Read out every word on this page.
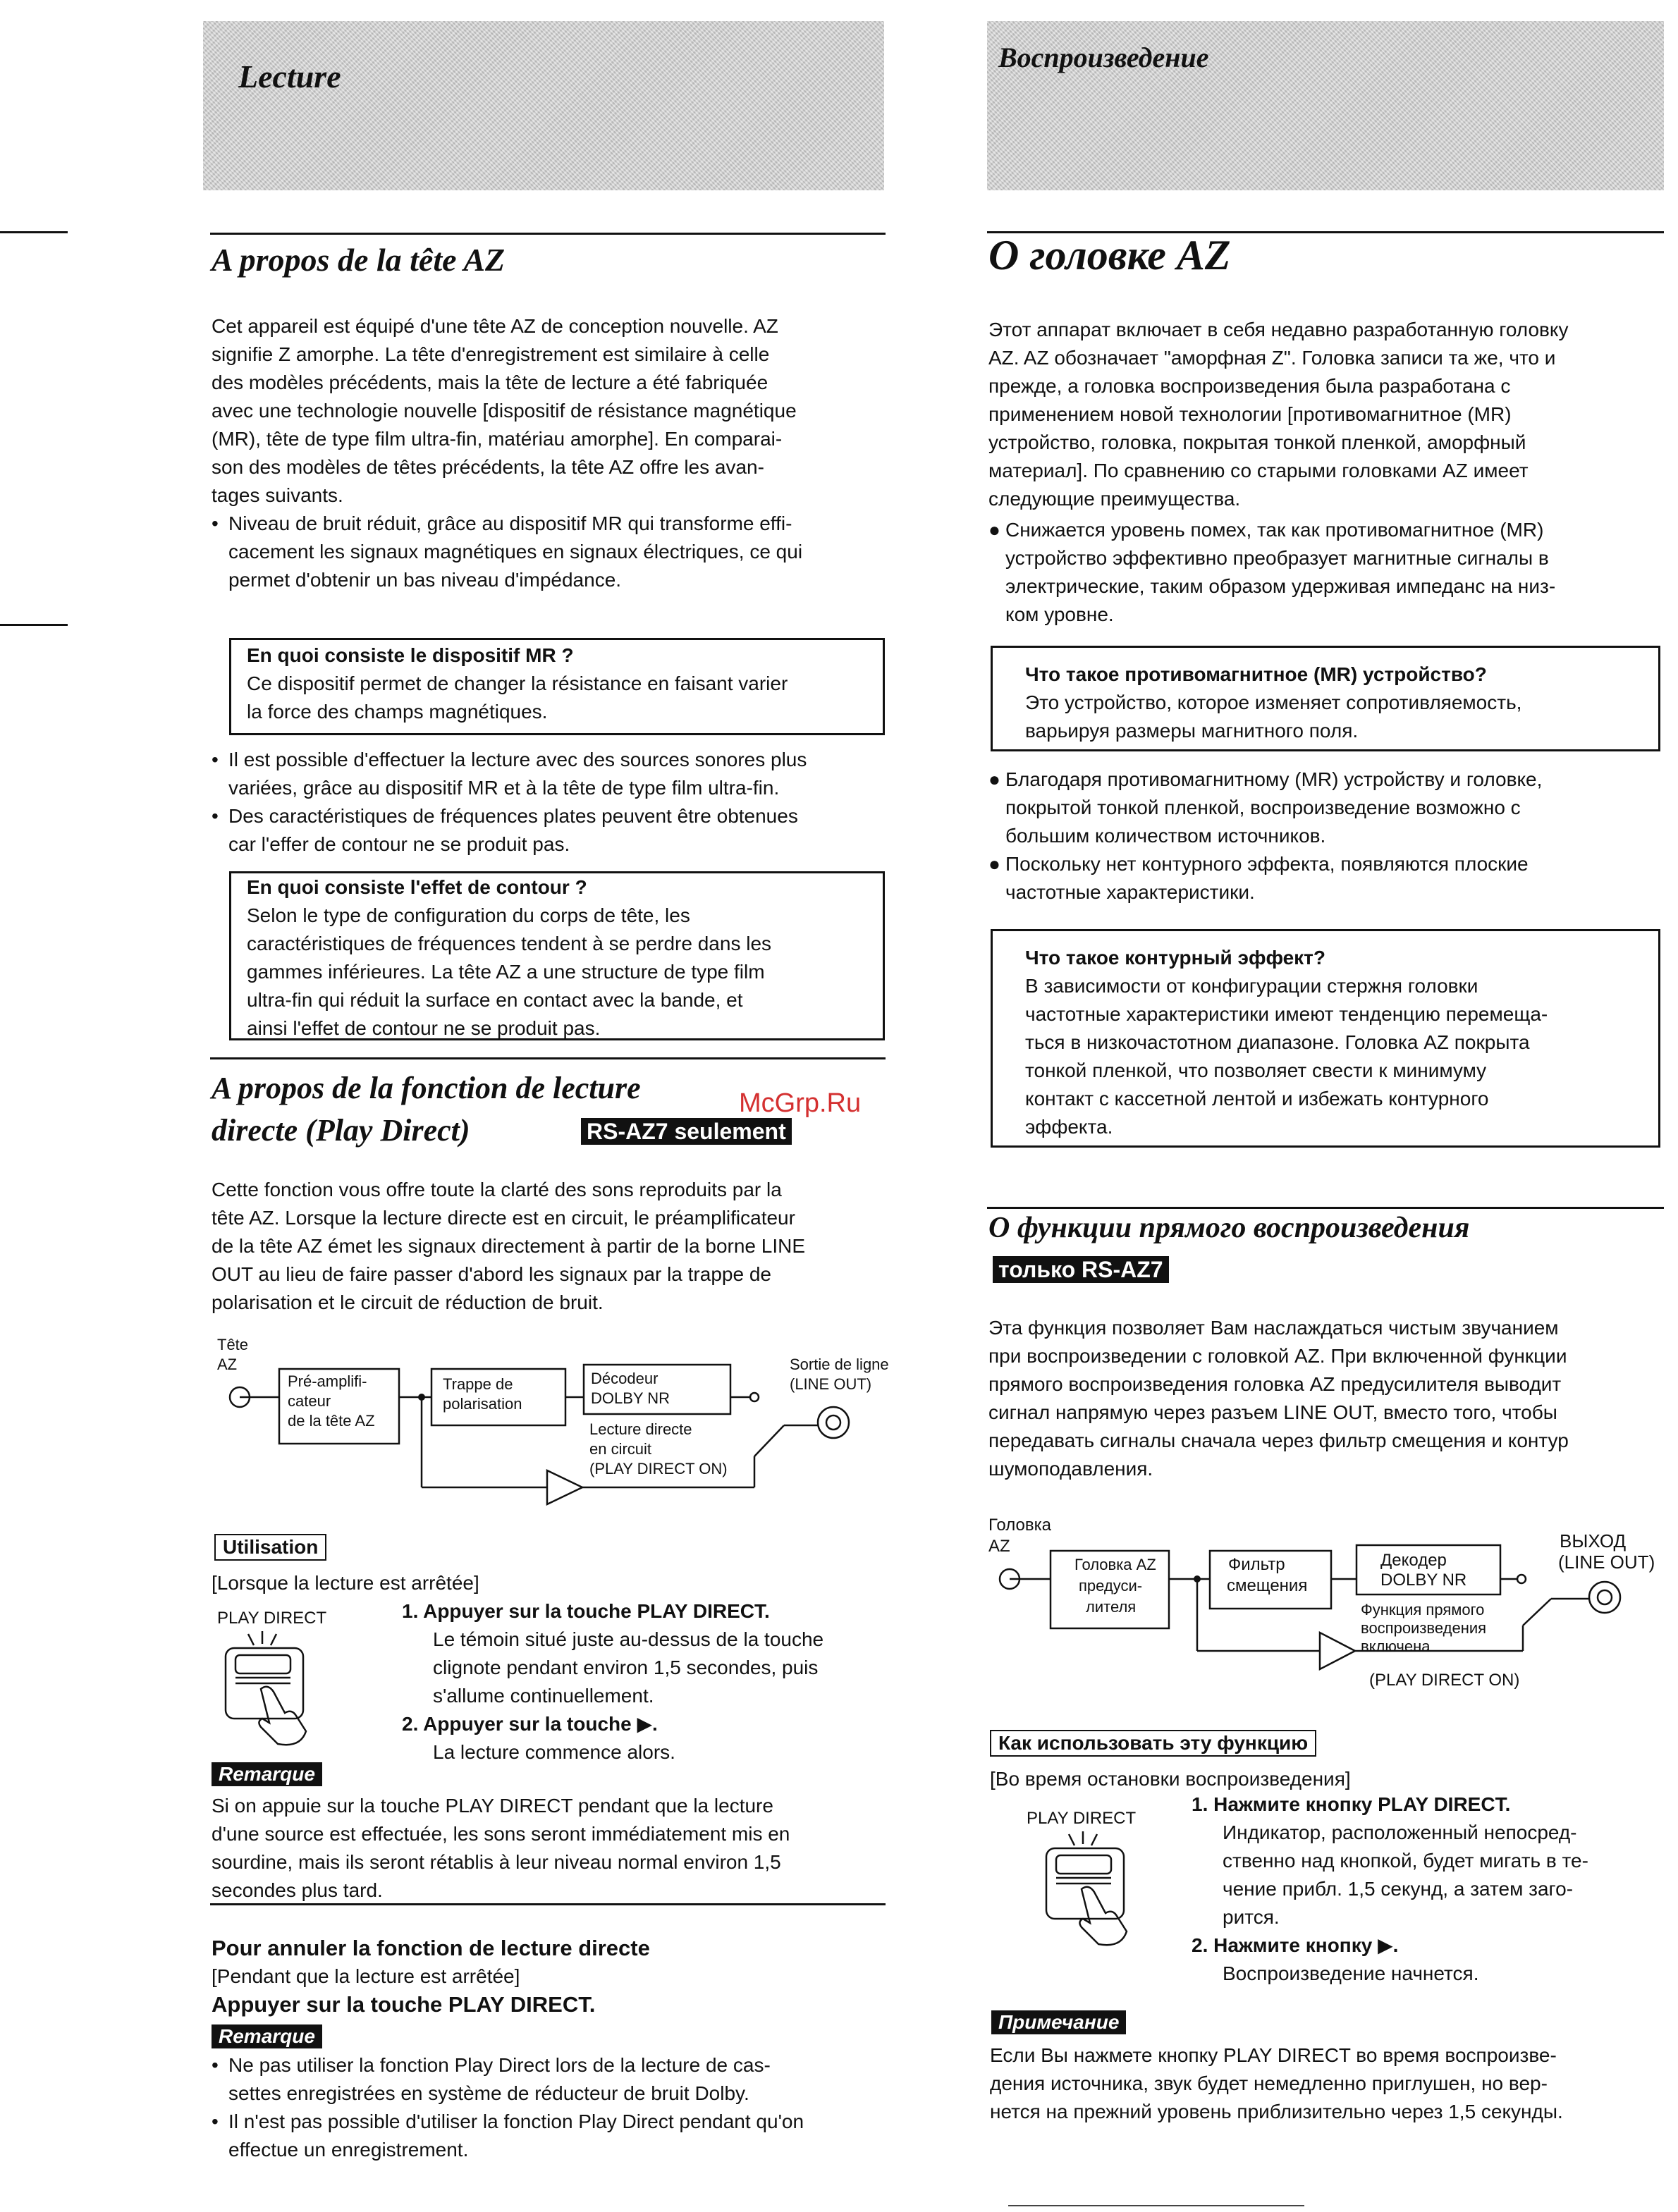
Lecture
A propos de la tête AZ
Cet appareil est équipé d'une tête AZ de conception nouvelle. AZ
signifie Z amorphe. La tête d'enregistrement est similaire à celle
des modèles précédents, mais la tête de lecture a été fabriquée
avec une technologie nouvelle [dispositif de résistance magnétique
(MR), tête de type film ultra-fin, matériau amorphe]. En comparai-
son des modèles de têtes précédents, la tête AZ offre les avan-
tages suivants.
• Niveau de bruit réduit, grâce au dispositif MR qui transforme effi-
cacement les signaux magnétiques en signaux électriques, ce qui
permet d'obtenir un bas niveau d'impédance.
En quoi consiste le dispositif MR ?
Ce dispositif permet de changer la résistance en faisant varier
la force des champs magnétiques.
• Il est possible d'effectuer la lecture avec des sources sonores plus
variées, grâce au dispositif MR et à la tête de type film ultra-fin.
• Des caractéristiques de fréquences plates peuvent être obtenues
car l'effer de contour ne se produit pas.
En quoi consiste l'effet de contour ?
Selon le type de configuration du corps de tête, les
caractéristiques de fréquences tendent à se perdre dans les
gammes inférieures. La tête AZ a une structure de type film
ultra-fin qui réduit la surface en contact avec la bande, et
ainsi l'effet de contour ne se produit pas.
A propos de la fonction de lecture
directe (Play Direct)	RS-AZ7 seulement
McGrp.Ru
Cette fonction vous offre toute la clarté des sons reproduits par la
tête AZ. Lorsque la lecture directe est en circuit, le préamplificateur
de la tête AZ émet les signaux directement à partir de la borne LINE
OUT au lieu de faire passer d'abord les signaux par la trappe de
polarisation et le circuit de réduction de bruit.
Tête
AZ
Pré-amplifi-
cateur
de la tête AZ
Trappe de
polarisation
Décodeur
DOLBY NR
Sortie de ligne
(LINE OUT)
Lecture directe
en circuit
(PLAY DIRECT ON)
Utilisation
[Lorsque la lecture est arrêtée]
PLAY DIRECT	1. Appuyer sur la touche PLAY DIRECT.
Le témoin situé juste au-dessus de la touche
clignote pendant environ 1,5 secondes, puis
s'allume continuellement.
2. Appuyer sur la touche ▶.
La lecture commence alors.
Remarque
Si on appuie sur la touche PLAY DIRECT pendant que la lecture
d'une source est effectuée, les sons seront immédiatement mis en
sourdine, mais ils seront rétablis à leur niveau normal environ 1,5
secondes plus tard.
Pour annuler la fonction de lecture directe
[Pendant que la lecture est arrêtée]
Appuyer sur la touche PLAY DIRECT.
Remarque
• Ne pas utiliser la fonction Play Direct lors de la lecture de cas-
settes enregistrées en système de réducteur de bruit Dolby.
• Il n'est pas possible d'utiliser la fonction Play Direct pendant qu'on
effectue un enregistrement.
Воспроизведение
О головке AZ
Этот аппарат включает в себя недавно разработанную головку
AZ. AZ обозначает "аморфная Z". Головка записи та же, что и
прежде, а головка воспроизведения была разработана с
применением новой технологии [противомагнитное (MR)
устройство, головка, покрытая тонкой пленкой, аморфный
материал]. По сравнению со старыми головками AZ имеет
следующие преимущества.
● Снижается уровень помех, так как противомагнитное (MR)
устройство эффективно преобразует магнитные сигналы в
электрические, таким образом удерживая импеданс на низ-
ком уровне.
Что такое противомагнитное (MR) устройство?
Это устройство, которое изменяет сопротивляемость,
варьируя размеры магнитного поля.
● Благодаря противомагнитному (MR) устройству и головке,
покрытой тонкой пленкой, воспроизведение возможно с
большим количеством источников.
● Поскольку нет контурного эффекта, появляются плоские
частотные характеристики.
Что такое контурный эффект?
В зависимости от конфигурации стержня головки
частотные характеристики имеют тенденцию перемеща-
ться в низкочастотном диапазоне. Головка AZ покрыта
тонкой пленкой, что позволяет свести к минимуму
контакт с кассетной лентой и избежать контурного
эффекта.
О функции прямого воспроизведения
только RS-AZ7
Эта функция позволяет Вам наслаждаться чистым звучанием
при воспроизведении с головкой AZ. При включенной функции
прямого воспроизведения головка AZ предусилителя выводит
сигнал напрямую через разъем LINE OUT, вместо того, чтобы
передавать сигналы сначала через фильтр смещения и контур
шумоподавления.
Головка
AZ
Головка AZ
предуси-
лителя
Фильтр
смещения
Декодер
DOLBY NR
ВЫХОД
(LINE OUT)
Функция прямого
воспроизведения
включена
(PLAY DIRECT ON)
Как использовать эту функцию
[Во время остановки воспроизведения]
PLAY DIRECT
1. Нажмите кнопку PLAY DIRECT.
Индикатор, расположенный непосред-
ственно над кнопкой, будет мигать в те-
чение прибл. 1,5 секунд, а затем заго-
рится.
2. Нажмите кнопку ▶.
Воспроизведение начнется.
Примечание
Если Вы нажмете кнопку PLAY DIRECT во время воспроизве-
дения источника, звук будет немедленно приглушен, но вер-
нется на прежний уровень приблизительно через 1,5 секунды.
